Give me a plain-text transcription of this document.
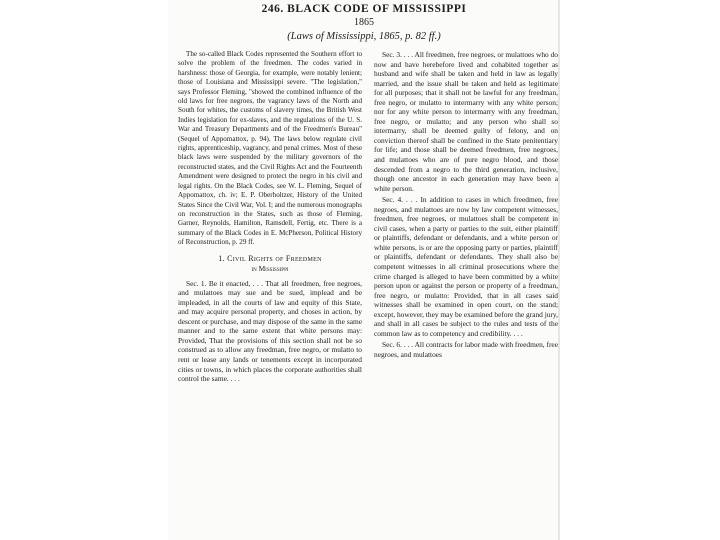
246. BLACK CODE OF MISSISSIPPI
1865
(Laws of Mississippi, 1865, p. 82 ff.)

The so-called Black Codes represented the Southern effort to solve the problem of the freedmen. The codes varied in harshness: those of Georgia, for example, were notably lenient; those of Louisiana and Mississippi severe. "The legislation," says Professor Fleming, "showed the combined influence of the old laws for free negroes, the vagrancy laws of the North and South for whites, the customs of slavery times, the British West Indies legislation for ex-slaves, and the regulations of the U. S. War and Treasury Departments and of the Freedmen's Bureau" (Sequel of Appomattox, p. 94). The laws below regulate civil rights, apprenticeship, vagrancy, and penal crimes. Most of these black laws were suspended by the military governors of the reconstructed states, and the Civil Rights Act and the Fourteenth Amendment were designed to protect the negro in his civil and legal rights. On the Black Codes, see W. L. Fleming, Sequel of Appomattox, ch. iv; E. P. Oberholtzer, History of the United States Since the Civil War, Vol. I; and the numerous monographs on reconstruction in the States, such as those of Fleming, Garner, Reynolds, Hamilton, Ramsdell, Fertig, etc. There is a summary of the Black Codes in E. McPherson, Political History of Reconstruction, p. 29 ff.

1. Civil Rights of Freedmen
in Mississippi

Sec. 1. Be it enacted, . . . That all freedmen, free negroes, and mulattoes may sue and be sued, implead and be impleaded, in all the courts of law and equity of this State, and may acquire personal property, and choses in action, by descent or purchase, and may dispose of the same in the same manner and to the same extent that white persons may: Provided, That the provisions of this section shall not be so construed as to allow any freedman, free negro, or mulatto to rent or lease any lands or tenements except in incorporated cities or towns, in which places the corporate authorities shall control the same. . . .

Sec. 3. . . . All freedmen, free negroes, or mulattoes who do now and have herebefore lived and cohabited together as husband and wife shall be taken and held in law as legally married, and the issue shall be taken and held as legitimate for all purposes; that it shall not be lawful for any freedman, free negro, or mulatto to intermarry with any white person; nor for any white person to intermarry with any freedman, free negro, or mulatto; and any person who shall so intermarry, shall be deemed guilty of felony, and on conviction thereof shall be confined in the State penitentiary for life; and those shall be deemed freedmen, free negroes, and mulattoes who are of pure negro blood, and those descended from a negro to the third generation, inclusive, though one ancestor in each generation may have been a white person.

Sec. 4. . . . In addition to cases in which freedmen, free negroes, and mulattoes are now by law competent witnesses, freedmen, free negroes, or mulattoes shall be competent in civil cases, when a party or parties to the suit, either plaintiff or plaintiffs, defendant or defendants, and a white person or white persons, is or are the opposing party or parties, plaintiff or plaintiffs, defendant or defendants. They shall also be competent witnesses in all criminal prosecutions where the crime charged is alleged to have been committed by a white person upon or against the person or property of a freedman, free negro, or mulatto: Provided, that in all cases said witnesses shall be examined in open court, on the stand; except, however, they may be examined before the grand jury, and shall in all cases be subject to the rules and tests of the common law as to competency and credibility. . . .

Sec. 6. . . . All contracts for labor made with freedmen, free negroes, and mulattoes
